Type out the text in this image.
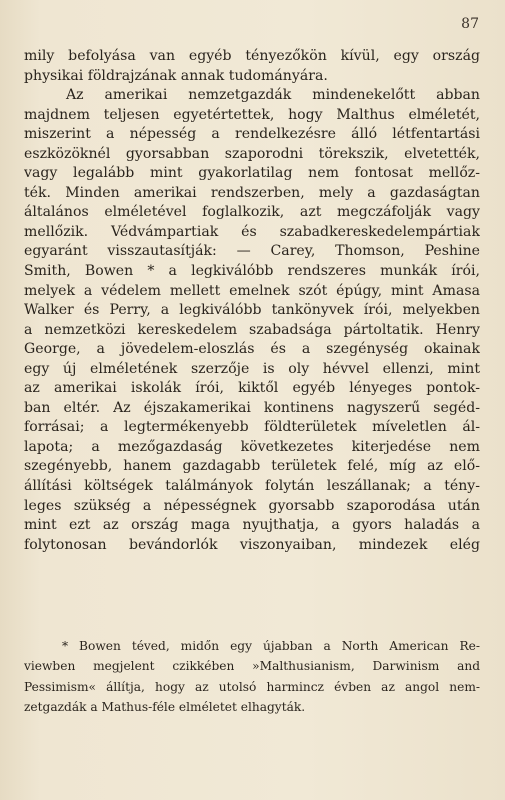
87
mily befolyása van egyéb tényezőkön kívül, egy ország
physikai földrajzának annak tudományára.
Az amerikai nemzetgazdák mindenekelőtt abban
majdnem teljesen egyetértettek, hogy Malthus elméletét,
miszerint a népesség a rendelkezésre álló létfentartási
eszközöknél gyorsabban szaporodni törekszik, elvetették,
vagy legalább mint gyakorlatilag nem fontosat mellőz-
ték. Minden amerikai rendszerben, mely a gazdaságtan
általános elméletével foglalkozik, azt megczáfolják vagy
mellőzik. Védvámpartiak és szabadkereskedelempártiak
egyaránt visszautasítják: — Carey, Thomson, Peshine
Smith, Bowen * a legkiválóbb rendszeres munkák írói,
melyek a védelem mellett emelnek szót épúgy, mint Amasa
Walker és Perry, a legkiválóbb tankönyvek írói, melyekben
a nemzetközi kereskedelem szabadsága pártoltatik. Henry
George, a jövedelem-eloszlás és a szegénység okainak
egy új elméletének szerzője is oly hévvel ellenzi, mint
az amerikai iskolák írói, kiktől egyéb lényeges pontok-
ban eltér. Az éjszakamerikai kontinens nagyszerű segéd-
forrásai; a legtermékenyebb földterületek míveletlen ál-
lapota; a mezőgazdaság következetes kiterjedése nem
szegényebb, hanem gazdagabb területek felé, míg az elő-
állítási költségek találmányok folytán leszállanak; a tény-
leges szükség a népességnek gyorsabb szaporodása után
mint ezt az ország maga nyujthatja, a gyors haladás a
folytonosan bevándorlók viszonyaiban, mindezek elég
* Bowen téved, midőn egy újabban a North American Re-
viewben megjelent czikkében »Malthusianism, Darwinism and
Pessimism« állítja, hogy az utolsó harmincz évben az angol nem-
zetgazdák a Mathus-féle elméletet elhagyták.
